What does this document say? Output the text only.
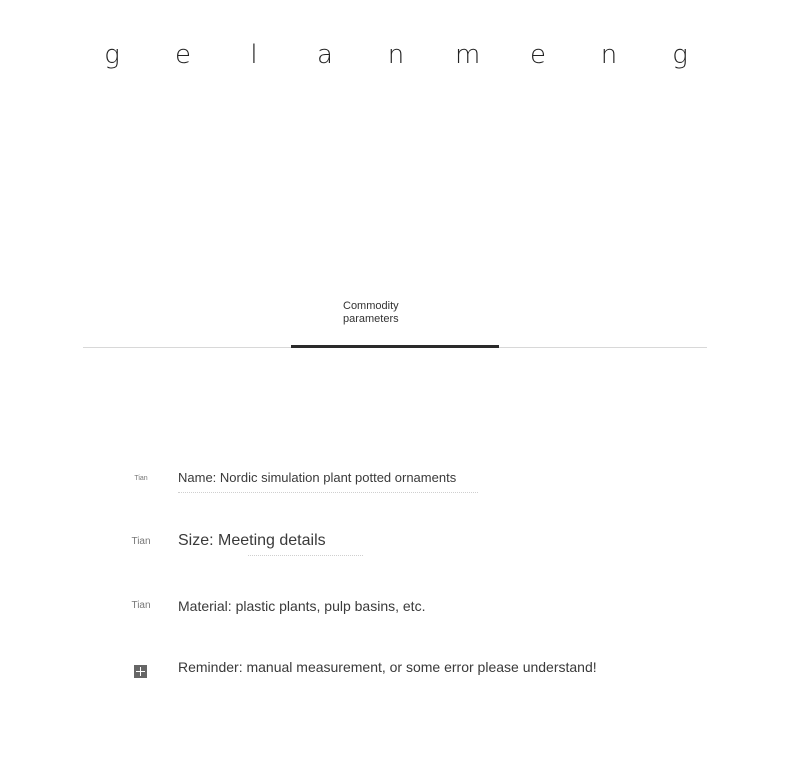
g e	l	a n m e n g
Commodity
parameters
Tian	Name: Nordic simulation plant potted ornaments
Tian	Size: Meeting details
Tian	Material: plastic plants, pulp basins, etc.
Reminder: manual measurement, or some error please understand!
